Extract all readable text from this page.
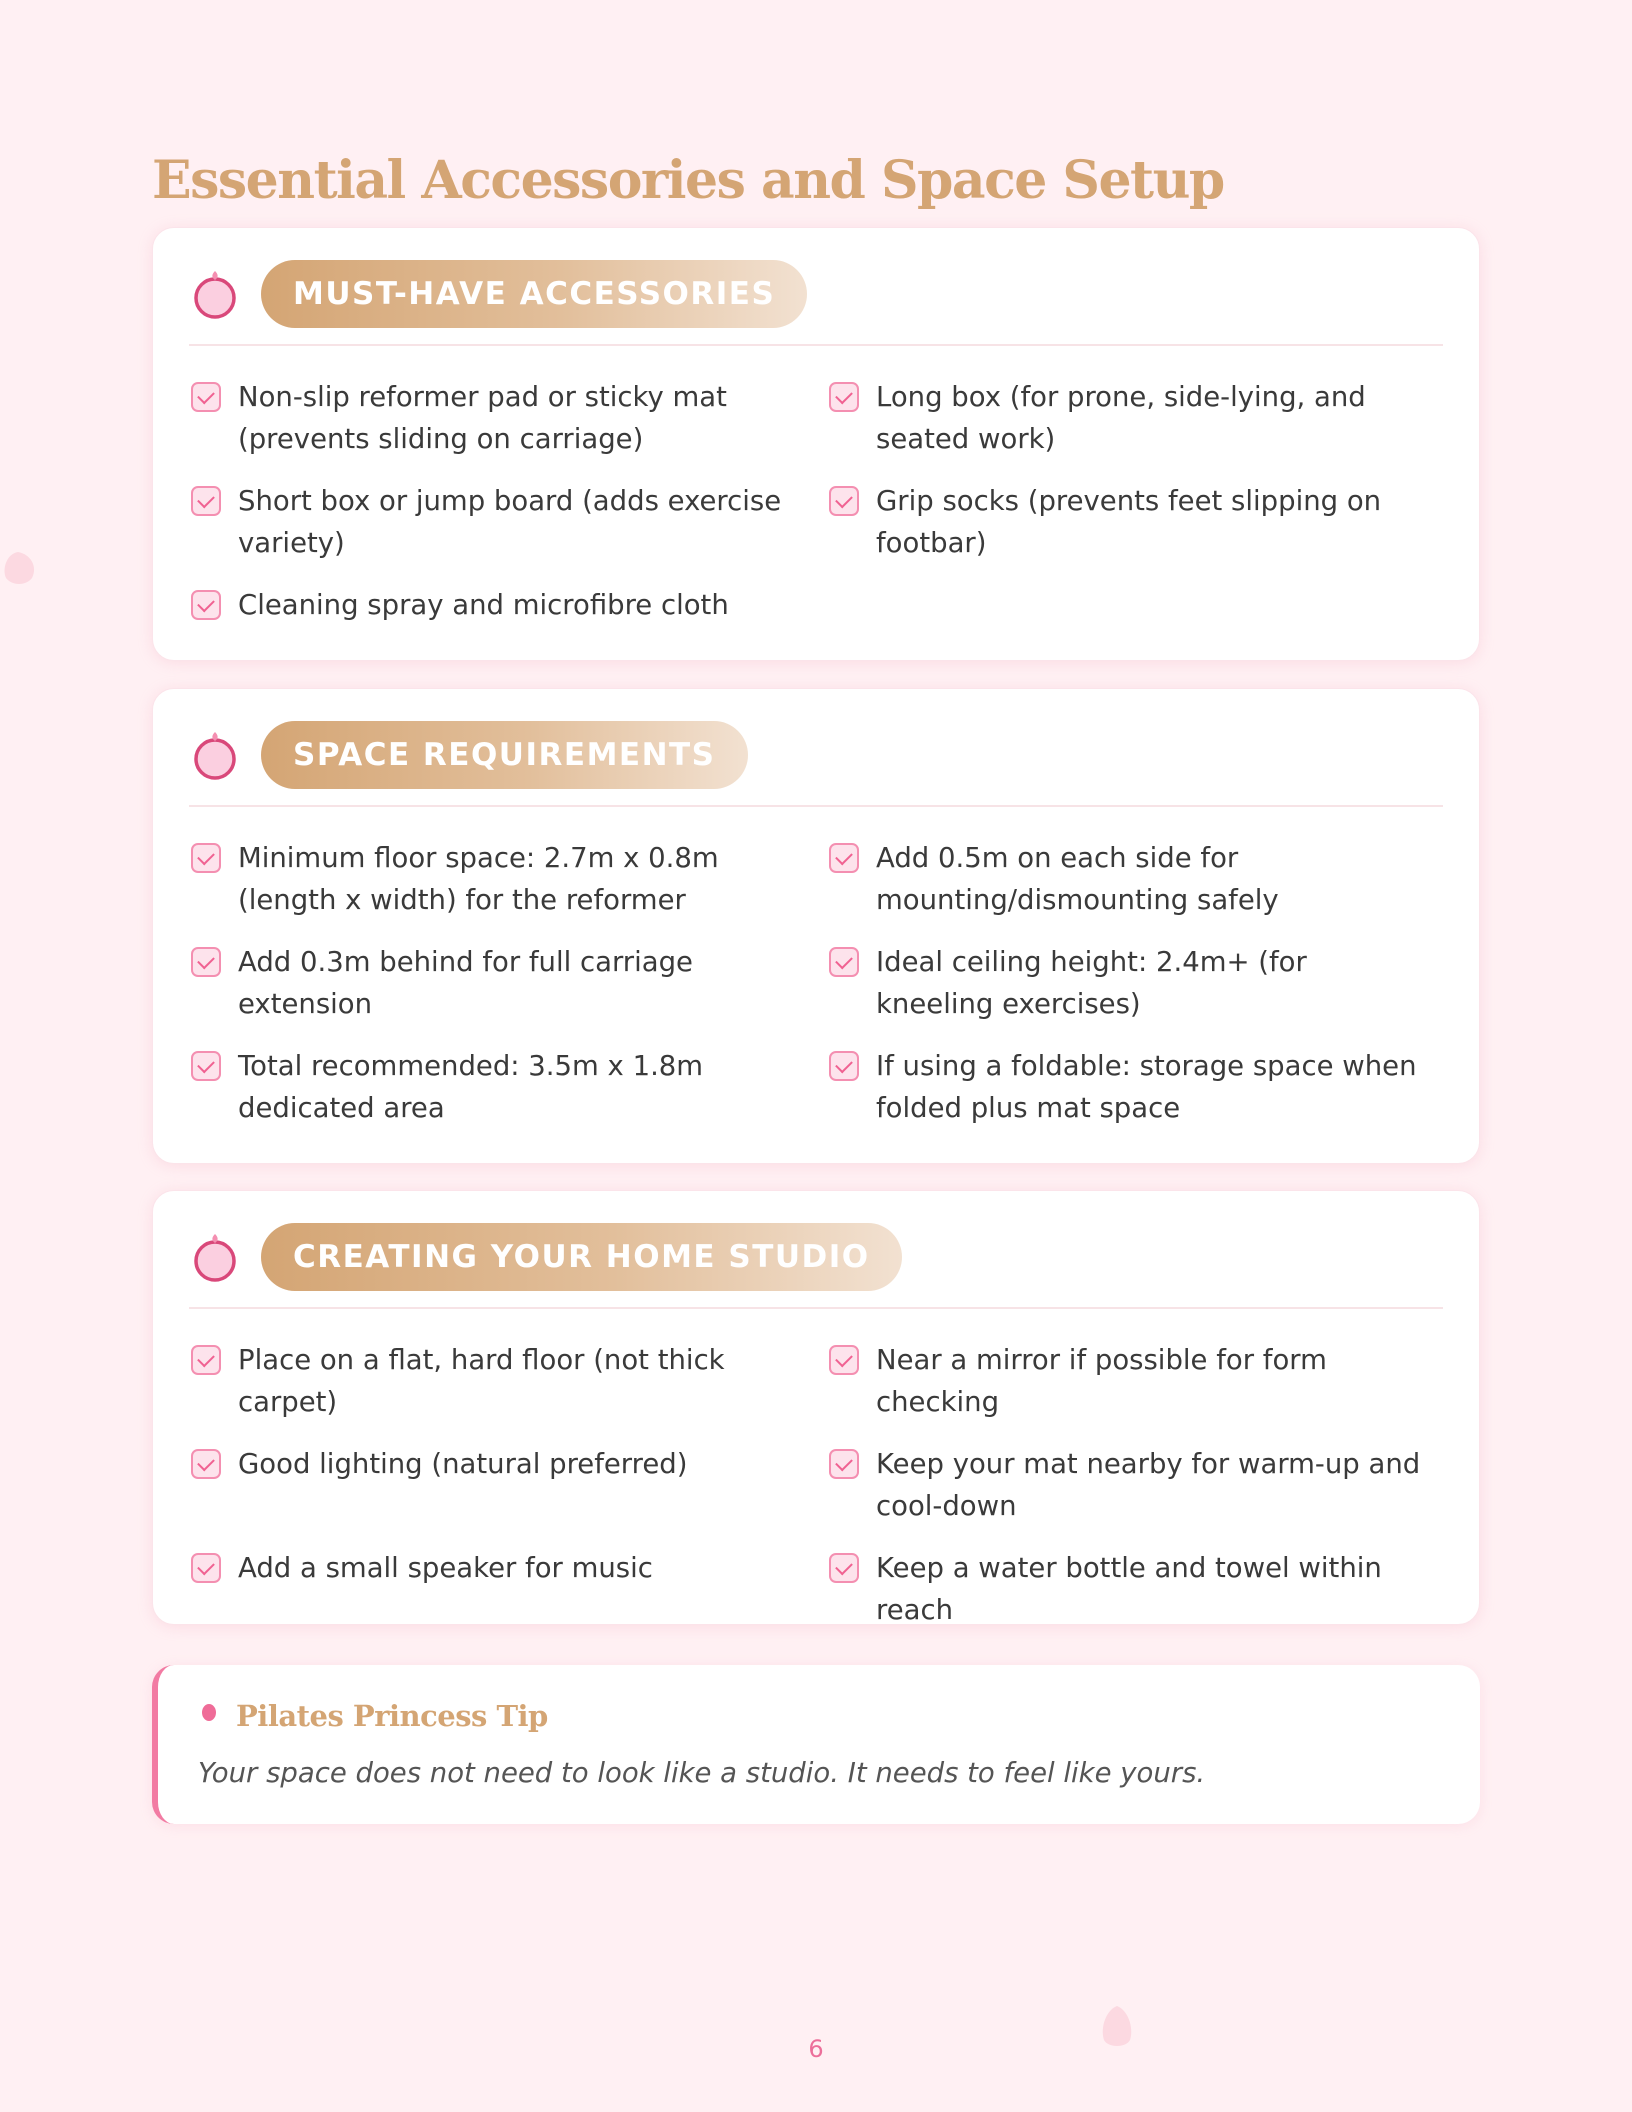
Essential Accessories and Space Setup
MUST-HAVE ACCESSORIES
Non-slip reformer pad or sticky mat (prevents sliding on carriage)
Long box (for prone, side-lying, and seated work)
Short box or jump board (adds exercise variety)
Grip socks (prevents feet slipping on footbar)
Cleaning spray and microfibre cloth
SPACE REQUIREMENTS
Minimum floor space: 2.7m x 0.8m (length x width) for the reformer
Add 0.5m on each side for mounting/dismounting safely
Add 0.3m behind for full carriage extension
Ideal ceiling height: 2.4m+ (for kneeling exercises)
Total recommended: 3.5m x 1.8m dedicated area
If using a foldable: storage space when folded plus mat space
CREATING YOUR HOME STUDIO
Place on a flat, hard floor (not thick carpet)
Near a mirror if possible for form checking
Good lighting (natural preferred)	Keep your mat nearby for warm-up and cool-down
Add a small speaker for music	Keep a water bottle and towel within reach
Pilates Princess Tip

Your space does not need to look like a studio. It needs to feel like yours.

6
